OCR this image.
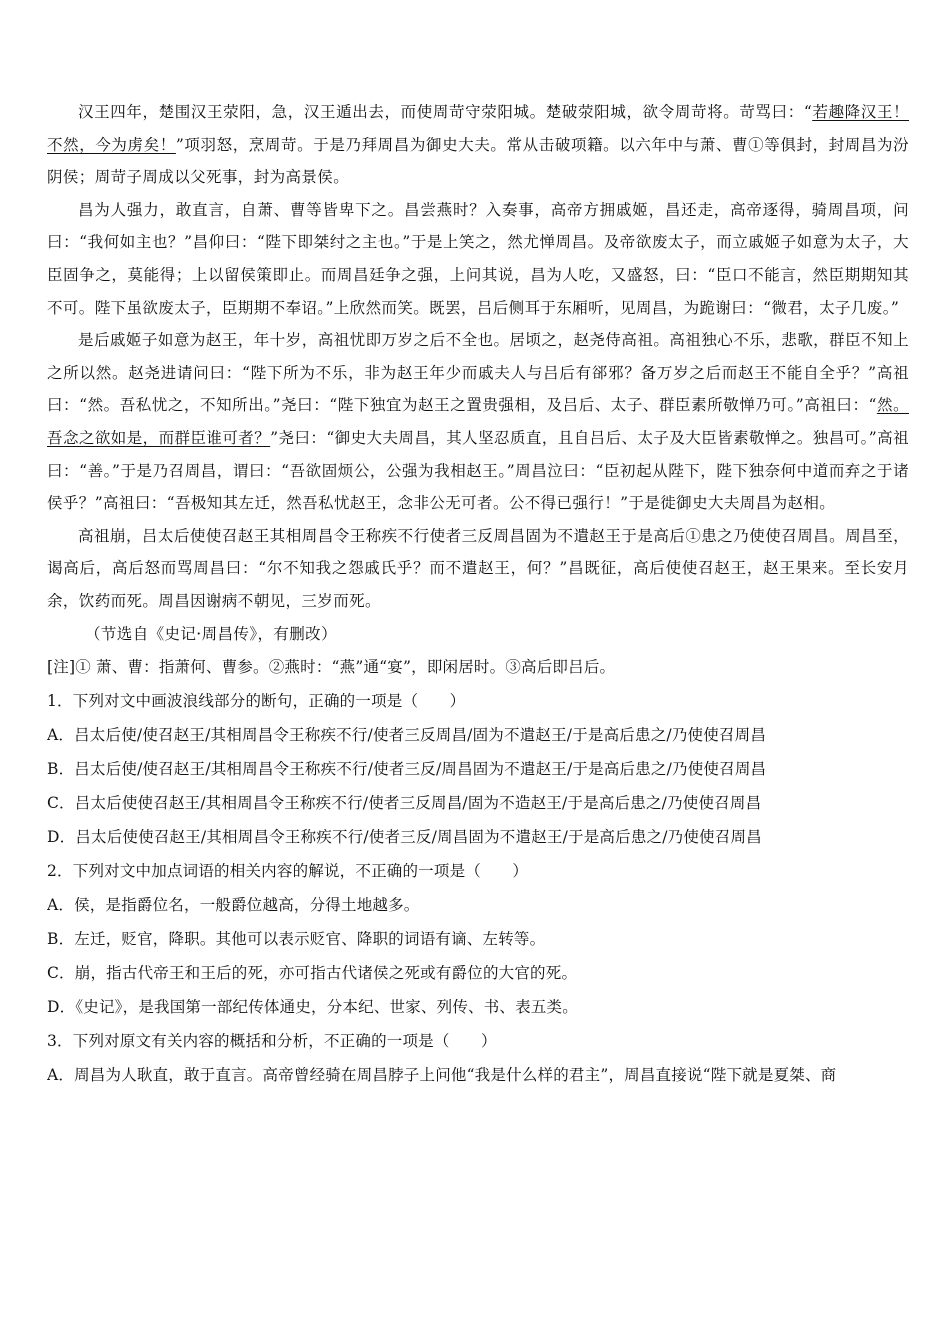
汉王四年，楚围汉王荥阳，急，汉王遁出去，而使周苛守荥阳城。楚破荥阳城，欲令周苛将。苛骂曰：“若趣降汉王！不然，今为虏矣！”项羽怒，烹周苛。于是乃拜周昌为御史大夫。常从击破项籍。以六年中与萧、曹①等俱封，封周昌为汾阴侯；周苛子周成以父死事，封为高景侯。

昌为人强力，敢直言，自萧、曹等皆卑下之。昌尝燕时？入奏事，高帝方拥戚姬，昌还走，高帝逐得，骑周昌项，问曰：“我何如主也？”昌仰曰：“陛下即桀纣之主也。”于是上笑之，然尤惮周昌。及帝欲废太子，而立戚姬子如意为太子，大臣固争之，莫能得；上以留侯策即止。而周昌廷争之强，上问其说，昌为人吃，又盛怒，曰：“臣口不能言，然臣期期知其不可。陛下虽欲废太子，臣期期不奉诏。”上欣然而笑。既罢，吕后侧耳于东厢听，见周昌，为跪谢曰：“微君，太子几废。”

是后戚姬子如意为赵王，年十岁，高祖忧即万岁之后不全也。居顷之，赵尧侍高祖。高祖独心不乐，悲歌，群臣不知上之所以然。赵尧进请问曰：“陛下所为不乐，非为赵王年少而戚夫人与吕后有郤邪？备万岁之后而赵王不能自全乎？”高祖曰：“然。吾私忧之，不知所出。”尧曰：“陛下独宜为赵王之置贵强相，及吕后、太子、群臣素所敬惮乃可。”高祖曰：“然。吾念之欲如是，而群臣谁可者？”尧曰：“御史大夫周昌，其人坚忍质直，且自吕后、太子及大臣皆素敬惮之。独昌可。”高祖曰：“善。”于是乃召周昌，谓曰：“吾欲固烦公，公强为我相赵王。”周昌泣曰：“臣初起从陛下，陛下独奈何中道而弃之于诸侯乎？”高祖曰：“吾极知其左迁，然吾私忧赵王，念非公无可者。公不得已强行！”于是徙御史大夫周昌为赵相。

高祖崩，吕太后使使召赵王其相周昌令王称疾不行使者三反周昌固为不遣赵王于是高后①患之乃使使召周昌。周昌至，谒高后，高后怒而骂周昌曰：“尔不知我之怨戚氏乎？而不遣赵王，何？”昌既征，高后使使召赵王，赵王果来。至长安月余，饮药而死。周昌因谢病不朝见，三岁而死。

（节选自《史记·周昌传》，有删改）

[注]① 萧、曹：指萧何、曹参。②燕时：“燕”通“宴”，即闲居时。③高后即吕后。

1．下列对文中画波浪线部分的断句，正确的一项是（　　）

A．吕太后使/使召赵王/其相周昌令王称疾不行/使者三反周昌/固为不遣赵王/于是高后患之/乃使使召周昌

B．吕太后使/使召赵王/其相周昌令王称疾不行/使者三反/周昌固为不遣赵王/于是高后患之/乃使使召周昌

C．吕太后使使召赵王/其相周昌令王称疾不行/使者三反周昌/固为不造赵王/于是高后患之/乃使使召周昌

D．吕太后使使召赵王/其相周昌令王称疾不行/使者三反/周昌固为不遣赵王/于是高后患之/乃使使召周昌

2．下列对文中加点词语的相关内容的解说，不正确的一项是（　　）

A．侯，是指爵位名，一般爵位越高，分得土地越多。

B．左迁，贬官，降职。其他可以表示贬官、降职的词语有谪、左转等。

C．崩，指古代帝王和王后的死，亦可指古代诸侯之死或有爵位的大官的死。

D．《史记》，是我国第一部纪传体通史，分本纪、世家、列传、书、表五类。

3．下列对原文有关内容的概括和分析，不正确的一项是（　　）

A．周昌为人耿直，敢于直言。高帝曾经骑在周昌脖子上问他“我是什么样的君主”，周昌直接说“陛下就是夏桀、商
